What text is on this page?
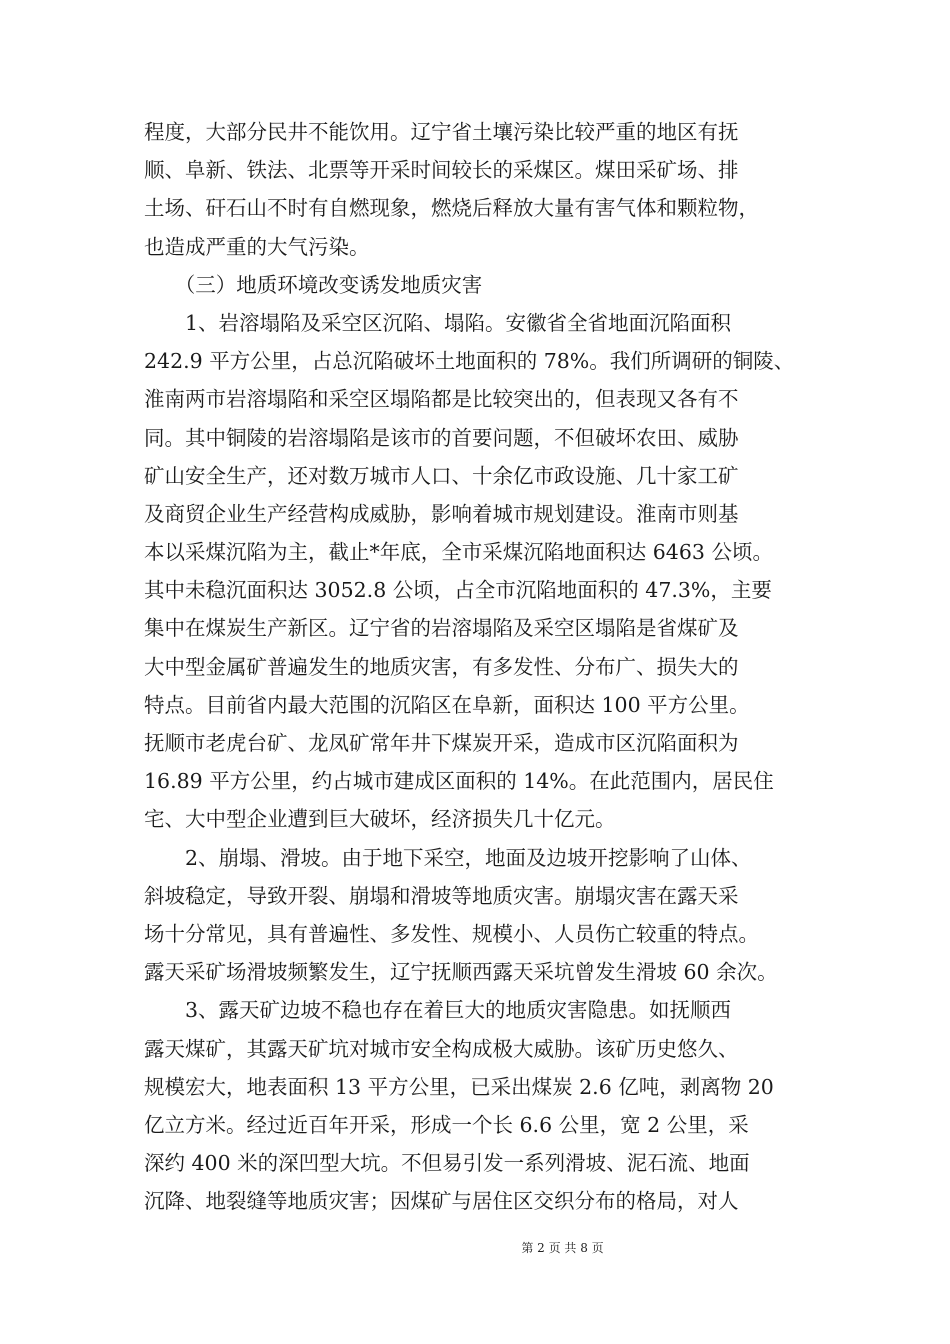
程度，大部分民井不能饮用。辽宁省土壤污染比较严重的地区有抚
顺、阜新、铁法、北票等开采时间较长的采煤区。煤田采矿场、排
土场、矸石山不时有自燃现象，燃烧后释放大量有害气体和颗粒物，
也造成严重的大气污染。
　　（三）地质环境改变诱发地质灾害
　　1、岩溶塌陷及采空区沉陷、塌陷。安徽省全省地面沉陷面积
242.9 平方公里，占总沉陷破坏土地面积的 78%。我们所调研的铜陵、
淮南两市岩溶塌陷和采空区塌陷都是比较突出的，但表现又各有不
同。其中铜陵的岩溶塌陷是该市的首要问题，不但破坏农田、威胁
矿山安全生产，还对数万城市人口、十余亿市政设施、几十家工矿
及商贸企业生产经营构成威胁，影响着城市规划建设。淮南市则基
本以采煤沉陷为主，截止*年底，全市采煤沉陷地面积达 6463 公顷。
其中未稳沉面积达 3052.8 公顷，占全市沉陷地面积的 47.3%，主要
集中在煤炭生产新区。辽宁省的岩溶塌陷及采空区塌陷是省煤矿及
大中型金属矿普遍发生的地质灾害，有多发性、分布广、损失大的
特点。目前省内最大范围的沉陷区在阜新，面积达 100 平方公里。
抚顺市老虎台矿、龙凤矿常年井下煤炭开采，造成市区沉陷面积为
16.89 平方公里，约占城市建成区面积的 14%。在此范围内，居民住
宅、大中型企业遭到巨大破坏，经济损失几十亿元。
　　2、崩塌、滑坡。由于地下采空，地面及边坡开挖影响了山体、
斜坡稳定，导致开裂、崩塌和滑坡等地质灾害。崩塌灾害在露天采
场十分常见，具有普遍性、多发性、规模小、人员伤亡较重的特点。
露天采矿场滑坡频繁发生，辽宁抚顺西露天采坑曾发生滑坡 60 余次。
　　3、露天矿边坡不稳也存在着巨大的地质灾害隐患。如抚顺西
露天煤矿，其露天矿坑对城市安全构成极大威胁。该矿历史悠久、
规模宏大，地表面积 13 平方公里，已采出煤炭 2.6 亿吨，剥离物 20
亿立方米。经过近百年开采，形成一个长 6.6 公里，宽 2 公里，采
深约 400 米的深凹型大坑。不但易引发一系列滑坡、泥石流、地面
沉降、地裂缝等地质灾害；因煤矿与居住区交织分布的格局，对人
第 2 页 共 8 页
